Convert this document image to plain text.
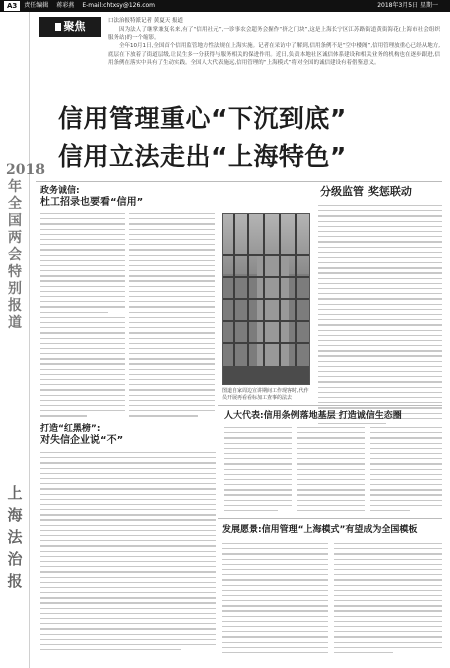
A3	责任编辑 蒋彩燕 E-mail:chtxsy@126.com	2018年3月5日 星期一
2018年全国两会特别报道
上海法治报
聚焦	口法治报特派记者 黄夏天 报道
因为法人了继掌兼复名来,有了“信用社元”,一诊事农会超务会握作“挤之门块”,这是上海长宁区江苏路街道黄街海花(上海市社会组织服务站)的一个缩影。
全年10月1日,全国首个信用监管地方性法规在上海实施。记者在采访中了解到,信用条例不是“空中楼阁”,信用管理放重心已经从地方,底层在下放着了街道层级,让民生多一分获得与服务相关的保进作用。近日,负责本地社区诚信体系建设和相关业务的机构也在逐步跟进,信用条例在落实中具有了生动实践。全国人大代表施远,信用管理的“上海模式”将对全国的诚信建设有着借鉴意义。
信用管理重心“下沉到底”
信用立法走出“上海特色”
政务诚信:
杜工招录也要看“信用”
图道自家周边宣讲期间工作现客时,代作员开展再看看标加工查事的法去
分级监管 奖惩联动
人大代表:信用条例落地基层 打造诚信生态圈
打造“红黑榜”:
对失信企业说“不”
发展愿景:信用管理“上海模式”有望成为全国模板
